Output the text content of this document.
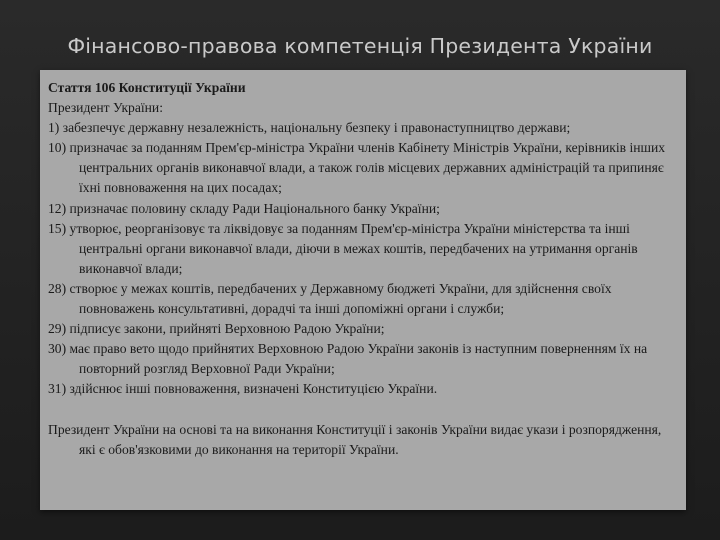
Фінансово-правова компетенція Президента України

Стаття 106 Конституції України

Президент України:

1) забезпечує державну незалежність, національну безпеку і правонаступництво держави;

10) призначає за поданням Прем'єр-міністра України членів Кабінету Міністрів України, керівників інших центральних органів виконавчої влади, а також голів місцевих державних адміністрацій та припиняє їхні повноваження на цих посадах;

12) призначає половину складу Ради Національного банку України;

15) утворює, реорганізовує та ліквідовує за поданням Прем'єр-міністра України міністерства та інші центральні органи виконавчої влади, діючи в межах коштів, передбачених на утримання органів виконавчої влади;

28) створює у межах коштів, передбачених у Державному бюджеті України, для здійснення своїх повноважень консультативні, дорадчі та інші допоміжні органи і служби;

29) підписує закони, прийняті Верховною Радою України;

30) має право вето щодо прийнятих Верховною Радою України законів із наступним поверненням їх на повторний розгляд Верховної Ради України;

31) здійснює інші повноваження, визначені Конституцією України.

Президент України на основі та на виконання Конституції і законів України видає укази і розпорядження, які є обов'язковими до виконання на території України.
